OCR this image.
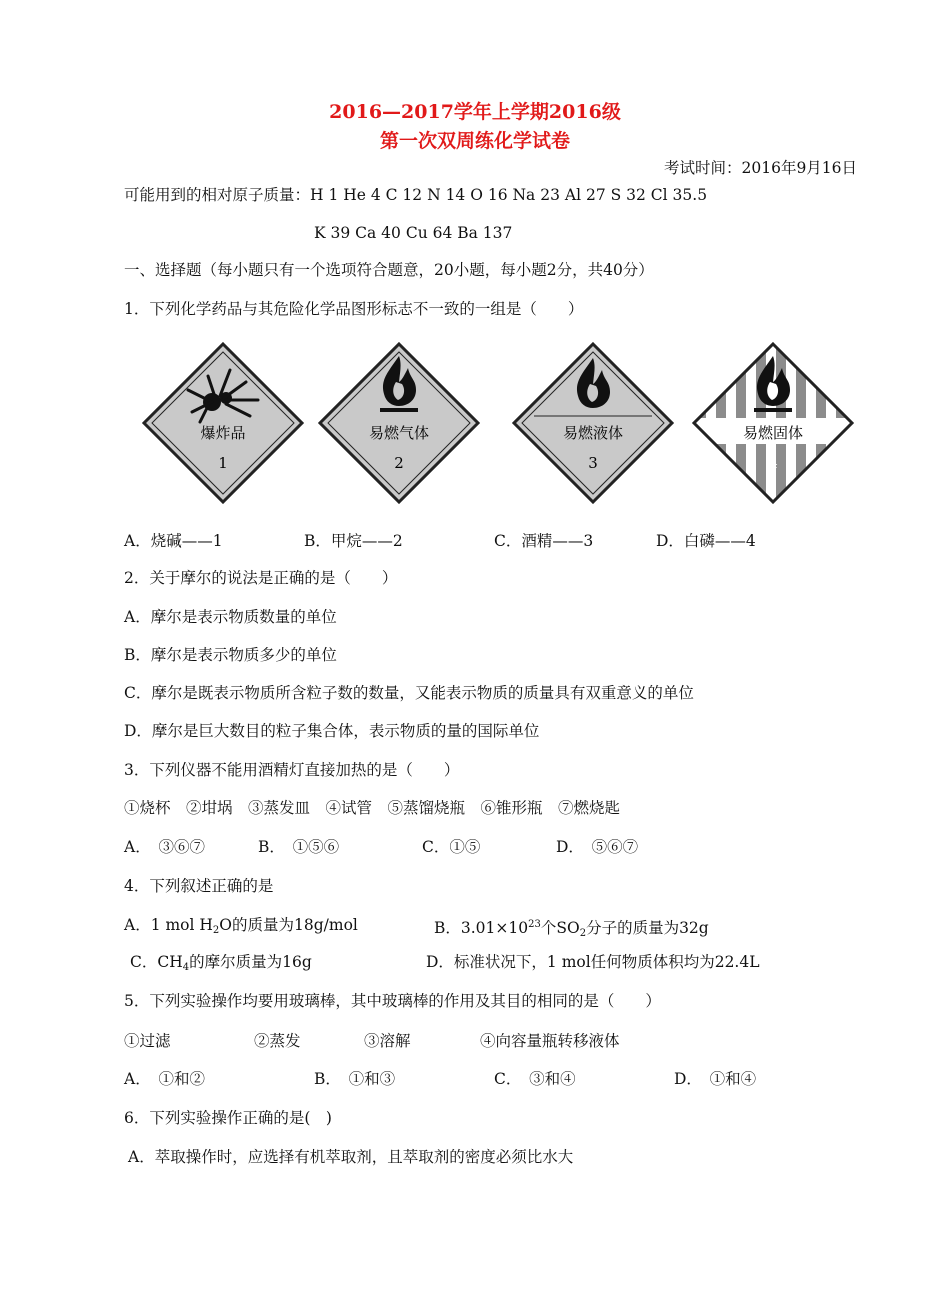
2016—2017学年上学期2016级
第一次双周练化学试卷
考试时间：2016年9月16日
可能用到的相对原子质量：H 1 He 4 C 12 N 14 O 16 Na 23 Al 27 S 32 Cl 35.5
K 39 Ca 40 Cu 64 Ba 137
一、选择题（每小题只有一个选项符合题意，20小题，每小题2分，共40分）
1．下列化学药品与其危险化学品图形标志不一致的一组是（　　）
爆炸品
1
易燃气体
2
易燃液体
3
易燃固体
4
A．烧碱——1	B．甲烷——2	C．酒精——3	D．白磷——4
2．关于摩尔的说法是正确的是（　　）
A．摩尔是表示物质数量的单位
B．摩尔是表示物质多少的单位
C．摩尔是既表示物质所含粒子数的数量，又能表示物质的质量具有双重意义的单位
D．摩尔是巨大数目的粒子集合体，表示物质的量的国际单位
3．下列仪器不能用酒精灯直接加热的是（　　）
①烧杯　②坩埚　③蒸发皿　④试管　⑤蒸馏烧瓶　⑥锥形瓶　⑦燃烧匙
A．　③⑥⑦	B．　①⑤⑥	C．①⑤	D．　⑤⑥⑦
4．下列叙述正确的是
A．1 mol $H_2O$的质量为18g/mol	B．$3.01\times 10^{23}$个$SO_2$分子的质量为32g
C．$CH_4$的摩尔质量为16g	D．标准状况下，1 mol任何物质体积均为22.4L
5．下列实验操作均要用玻璃棒，其中玻璃棒的作用及其目的相同的是（　　）
①过滤	②蒸发	③溶解	④向容量瓶转移液体
A．　①和②	B．　①和③	C．　③和④	D．　①和④
6．下列实验操作正确的是(　)
A．萃取操作时，应选择有机萃取剂，且萃取剂的密度必须比水大
